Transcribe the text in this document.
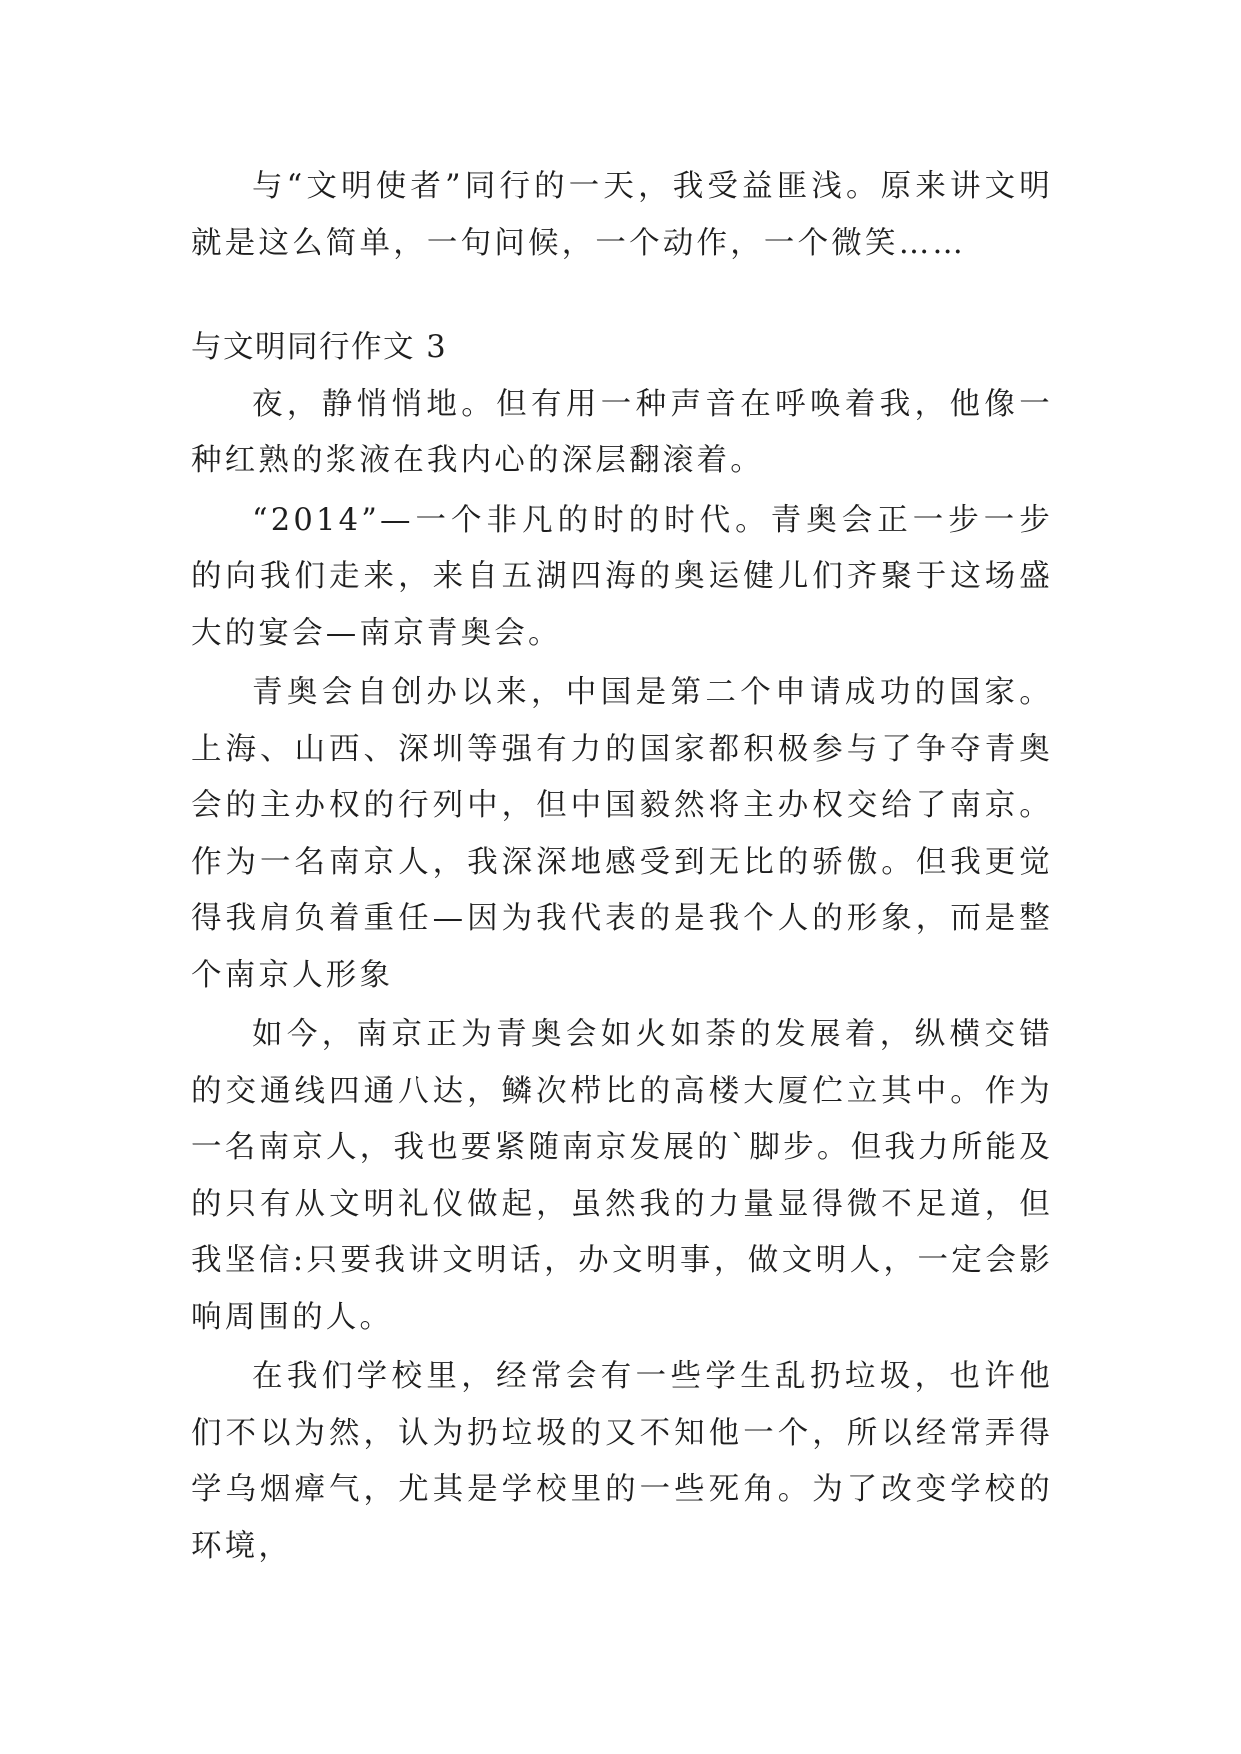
与“文明使者”同行的一天，我受益匪浅。原来讲文明就是这么简单，一句问候，一个动作，一个微笑……

与文明同行作文 3

夜，静悄悄地。但有用一种声音在呼唤着我，他像一种红熟的浆液在我内心的深层翻滚着。

“2014”—一个非凡的时的时代。青奥会正一步一步的向我们走来，来自五湖四海的奥运健儿们齐聚于这场盛大的宴会—南京青奥会。

青奥会自创办以来，中国是第二个申请成功的国家。上海、山西、深圳等强有力的国家都积极参与了争夺青奥会的主办权的行列中，但中国毅然将主办权交给了南京。作为一名南京人，我深深地感受到无比的骄傲。但我更觉得我肩负着重任—因为我代表的是我个人的形象，而是整个南京人形象

如今，南京正为青奥会如火如荼的发展着，纵横交错的交通线四通八达，鳞次栉比的高楼大厦伫立其中。作为一名南京人，我也要紧随南京发展的`脚步。但我力所能及的只有从文明礼仪做起，虽然我的力量显得微不足道，但我坚信:只要我讲文明话，办文明事，做文明人，一定会影响周围的人。

在我们学校里，经常会有一些学生乱扔垃圾，也许他们不以为然，认为扔垃圾的又不知他一个，所以经常弄得学乌烟瘴气，尤其是学校里的一些死角。为了改变学校的环境，
